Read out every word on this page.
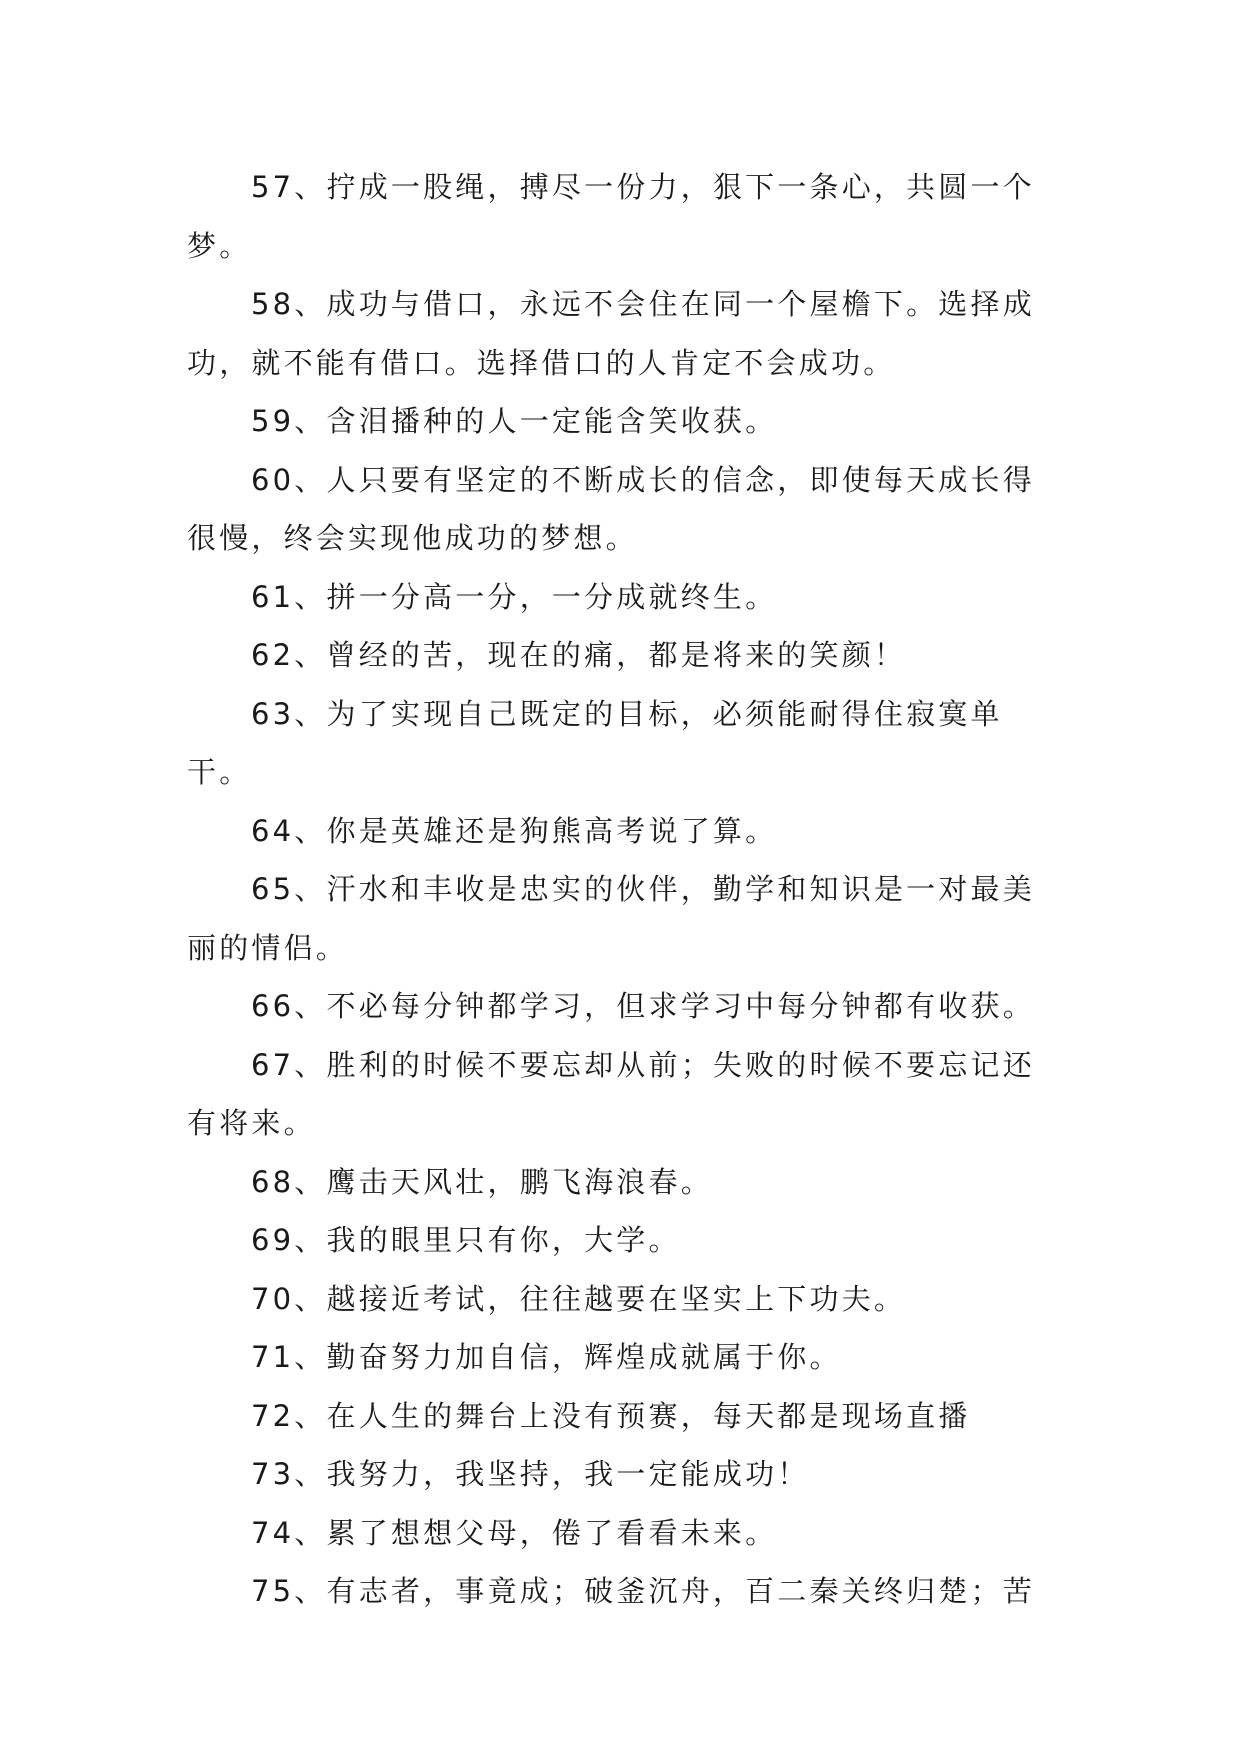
57、拧成一股绳，搏尽一份力，狠下一条心，共圆一个梦。

58、成功与借口，永远不会住在同一个屋檐下。选择成功，就不能有借口。选择借口的人肯定不会成功。

59、含泪播种的人一定能含笑收获。

60、人只要有坚定的不断成长的信念，即使每天成长得很慢，终会实现他成功的梦想。

61、拼一分高一分，一分成就终生。

62、曾经的苦，现在的痛，都是将来的笑颜！

63、为了实现自己既定的目标，必须能耐得住寂寞单干。

64、你是英雄还是狗熊高考说了算。

65、汗水和丰收是忠实的伙伴，勤学和知识是一对最美丽的情侣。

66、不必每分钟都学习，但求学习中每分钟都有收获。

67、胜利的时候不要忘却从前；失败的时候不要忘记还有将来。

68、鹰击天风壮，鹏飞海浪春。

69、我的眼里只有你，大学。

70、越接近考试，往往越要在坚实上下功夫。

71、勤奋努力加自信，辉煌成就属于你。

72、在人生的舞台上没有预赛，每天都是现场直播

73、我努力，我坚持，我一定能成功！

74、累了想想父母，倦了看看未来。

75、有志者，事竟成；破釜沉舟，百二秦关终归楚；苦
